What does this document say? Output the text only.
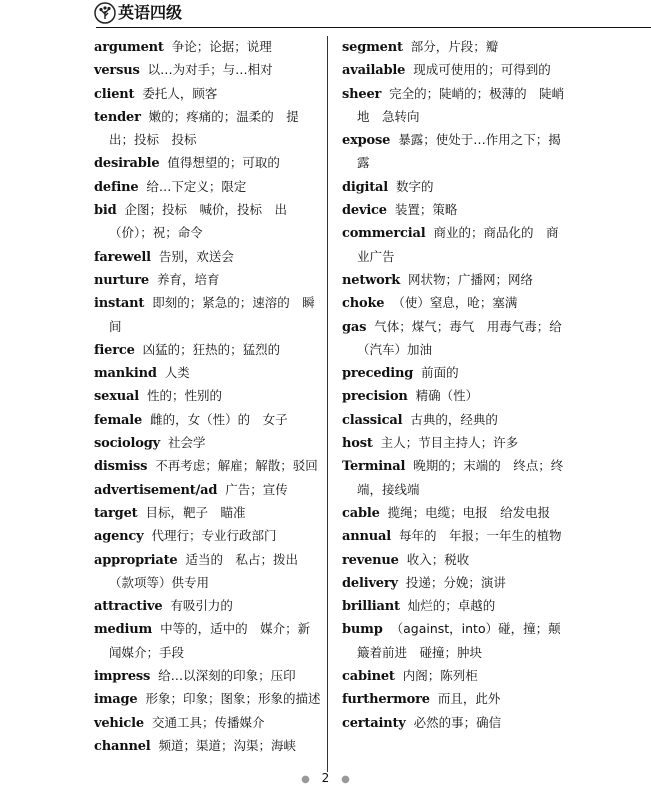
英语四级
argument 争论；论据；说理
versus 以…为对手；与…相对
client 委托人，顾客
tender 嫩的；疼痛的；温柔的　提出；投标　投标
desirable 值得想望的；可取的
define 给…下定义；限定
bid 企图；投标　喊价，投标　出（价）；祝；命令
farewell 告别，欢送会
nurture 养育，培育
instant 即刻的；紧急的；速溶的　瞬间
fierce 凶猛的；狂热的；猛烈的
mankind 人类
sexual 性的；性别的
female 雌的，女（性）的　女子
sociology 社会学
dismiss 不再考虑；解雇；解散；驳回
advertisement/ad 广告；宣传
target 目标，靶子　瞄准
agency 代理行；专业行政部门
appropriate 适当的　私占；拨出（款项等）供专用
attractive 有吸引力的
medium 中等的，适中的　媒介；新闻媒介；手段
impress 给…以深刻的印象；压印
image 形象；印象；图象；形象的描述
vehicle 交通工具；传播媒介
channel 频道；渠道；沟渠；海峡
segment 部分，片段；瓣
available 现成可使用的；可得到的
sheer 完全的；陡峭的；极薄的　陡峭地　急转向
expose 暴露；使处于…作用之下；揭露
digital 数字的
device 装置；策略
commercial 商业的；商品化的　商业广告
network 网状物；广播网；网络
choke （使）窒息，呛；塞满
gas 气体；煤气；毒气　用毒气毒；给（汽车）加油
preceding 前面的
precision 精确（性）
classical 古典的，经典的
host 主人；节目主持人；许多
Terminal 晚期的；末端的　终点；终端，接线端
cable 揽绳；电缆；电报　给发电报
annual 每年的　年报；一年生的植物
revenue 收入；税收
delivery 投递；分娩；演讲
brilliant 灿烂的；卓越的
bump （against，into）碰，撞；颠簸着前进　碰撞；肿块
cabinet 内阁；陈列柜
furthermore 而且，此外
certainty 必然的事；确信
● 2 ●
